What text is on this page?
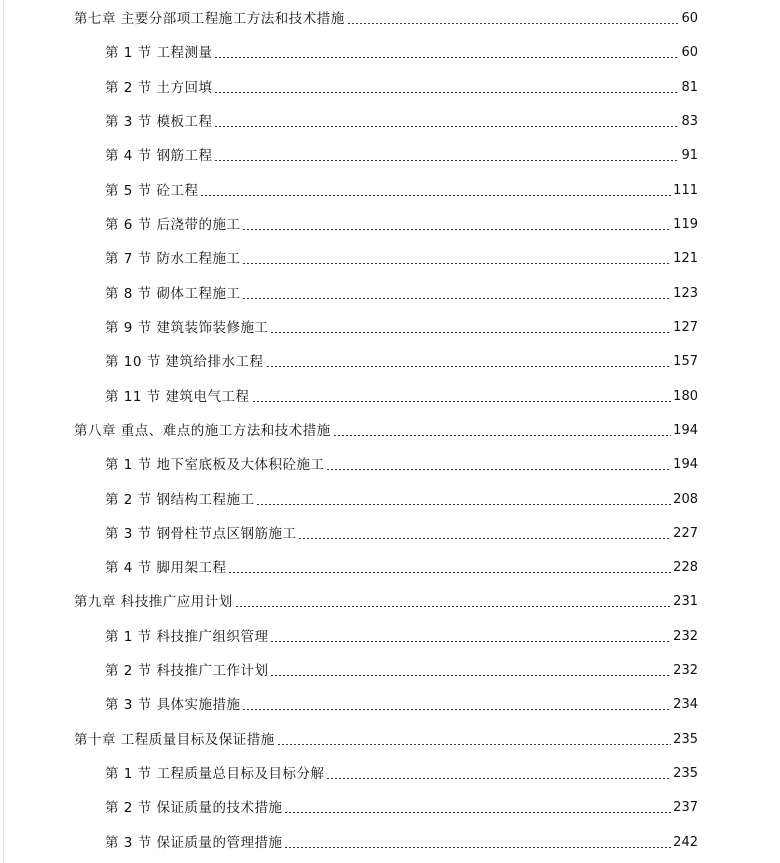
第七章 主要分部项工程施工方法和技术措施	60
第 1 节 工程测量	60
第 2 节 土方回填	81
第 3 节 模板工程	83
第 4 节 钢筋工程	91
第 5 节 砼工程	111
第 6 节 后浇带的施工	119
第 7 节 防水工程施工	121
第 8 节 砌体工程施工	123
第 9 节 建筑装饰装修施工	127
第 10 节 建筑给排水工程	157
第 11 节 建筑电气工程	180
第八章 重点、难点的施工方法和技术措施	194
第 1 节 地下室底板及大体积砼施工	194
第 2 节 钢结构工程施工	208
第 3 节 钢骨柱节点区钢筋施工	227
第 4 节 脚用架工程	228
第九章 科技推广应用计划	231
第 1 节 科技推广组织管理	232
第 2 节 科技推广工作计划	232
第 3 节 具体实施措施	234
第十章 工程质量目标及保证措施	235
第 1 节 工程质量总目标及目标分解	235
第 2 节 保证质量的技术措施	237
第 3 节 保证质量的管理措施	242
